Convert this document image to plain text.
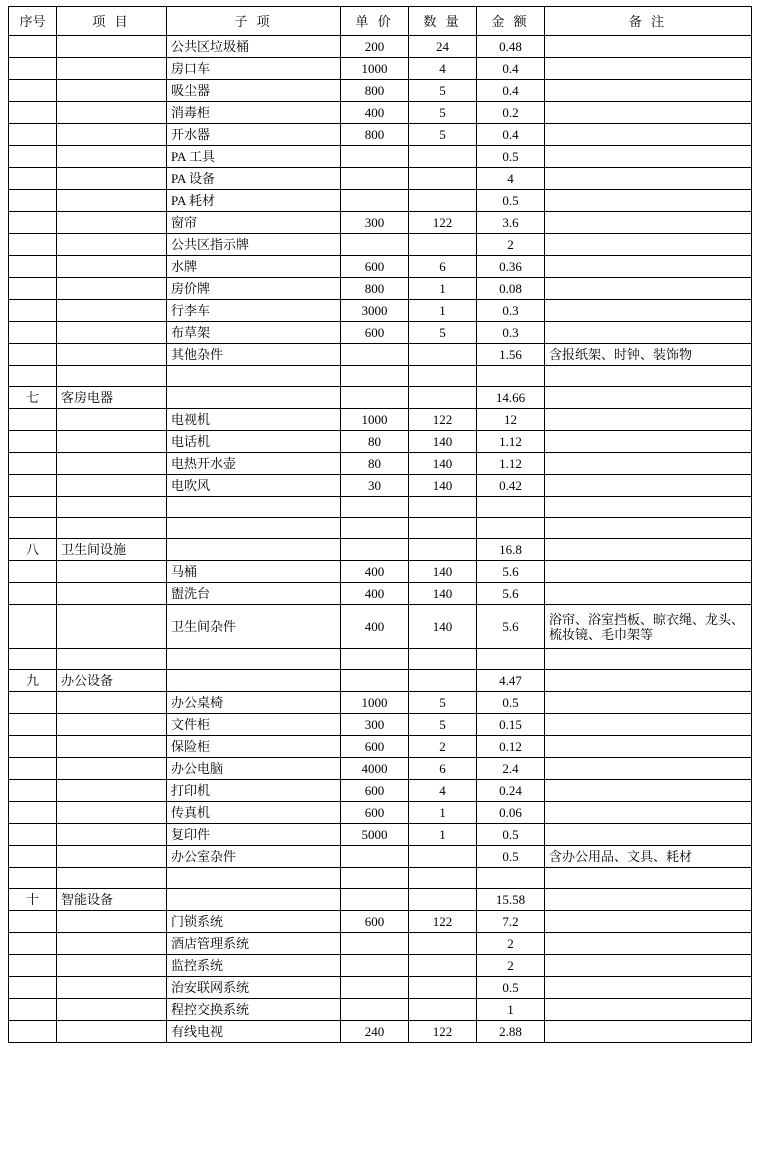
序号	项 目	子 项	单 价	数 量	金 额	备 注
		公共区垃圾桶	200	24	0.48	
		房口车	1000	4	0.4	
		吸尘器	800	5	0.4	
		消毒柜	400	5	0.2	
		开水器	800	5	0.4	
		PA 工具			0.5	
		PA 设备			4	
		PA 耗材			0.5	
		窗帘	300	122	3.6	
		公共区指示牌			2	
		水牌	600	6	0.36	
		房价牌	800	1	0.08	
		行李车	3000	1	0.3	
		布草架	600	5	0.3	
		其他杂件			1.56	含报纸架、时钟、装饰物

七	客房电器				14.66	
		电视机	1000	122	12	
		电话机	80	140	1.12	
		电热开水壶	80	140	1.12	
		电吹风	30	140	0.42	

八	卫生间设施				16.8	
		马桶	400	140	5.6	
		盥洗台	400	140	5.6	
		卫生间杂件	400	140	5.6	浴帘、浴室挡板、晾衣绳、龙头、梳妆镜、毛巾架等

九	办公设备				4.47	
		办公桌椅	1000	5	0.5	
		文件柜	300	5	0.15	
		保险柜	600	2	0.12	
		办公电脑	4000	6	2.4	
		打印机	600	4	0.24	
		传真机	600	1	0.06	
		复印件	5000	1	0.5	
		办公室杂件			0.5	含办公用品、文具、耗材

十	智能设备				15.58	
		门锁系统	600	122	7.2	
		酒店管理系统			2	
		监控系统			2	
		治安联网系统			0.5	
		程控交换系统			1	
		有线电视	240	122	2.88	
